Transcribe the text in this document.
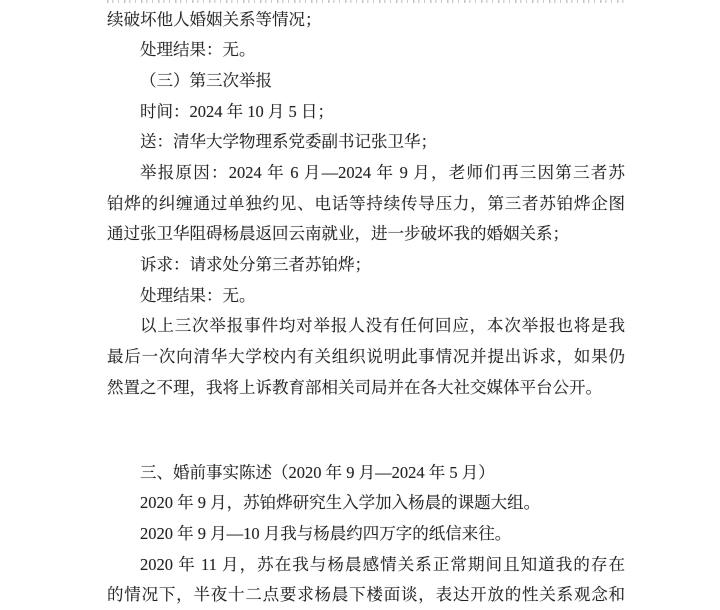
续破坏他人婚姻关系等情况；
处理结果：无。
（三）第三次举报
时间：2024 年 10 月 5 日；
送：清华大学物理系党委副书记张卫华；
举报原因：2024 年 6 月—2024 年 9 月，老师们再三因第三者苏
铂烨的纠缠通过单独约见、电话等持续传导压力，第三者苏铂烨企图
通过张卫华阻碍杨晨返回云南就业，进一步破坏我的婚姻关系；
诉求：请求处分第三者苏铂烨；
处理结果：无。
以上三次举报事件均对举报人没有任何回应，本次举报也将是我
最后一次向清华大学校内有关组织说明此事情况并提出诉求，如果仍
然置之不理，我将上诉教育部相关司局并在各大社交媒体平台公开。
三、婚前事实陈述（2020 年 9 月—2024 年 5 月）
2020 年 9 月，苏铂烨研究生入学加入杨晨的课题大组。
2020 年 9 月—10 月我与杨晨约四万字的纸信来往。
2020 年 11 月，苏在我与杨晨感情关系正常期间且知道我的存在
的情况下，半夜十二点要求杨晨下楼面谈，表达开放的性关系观念和
